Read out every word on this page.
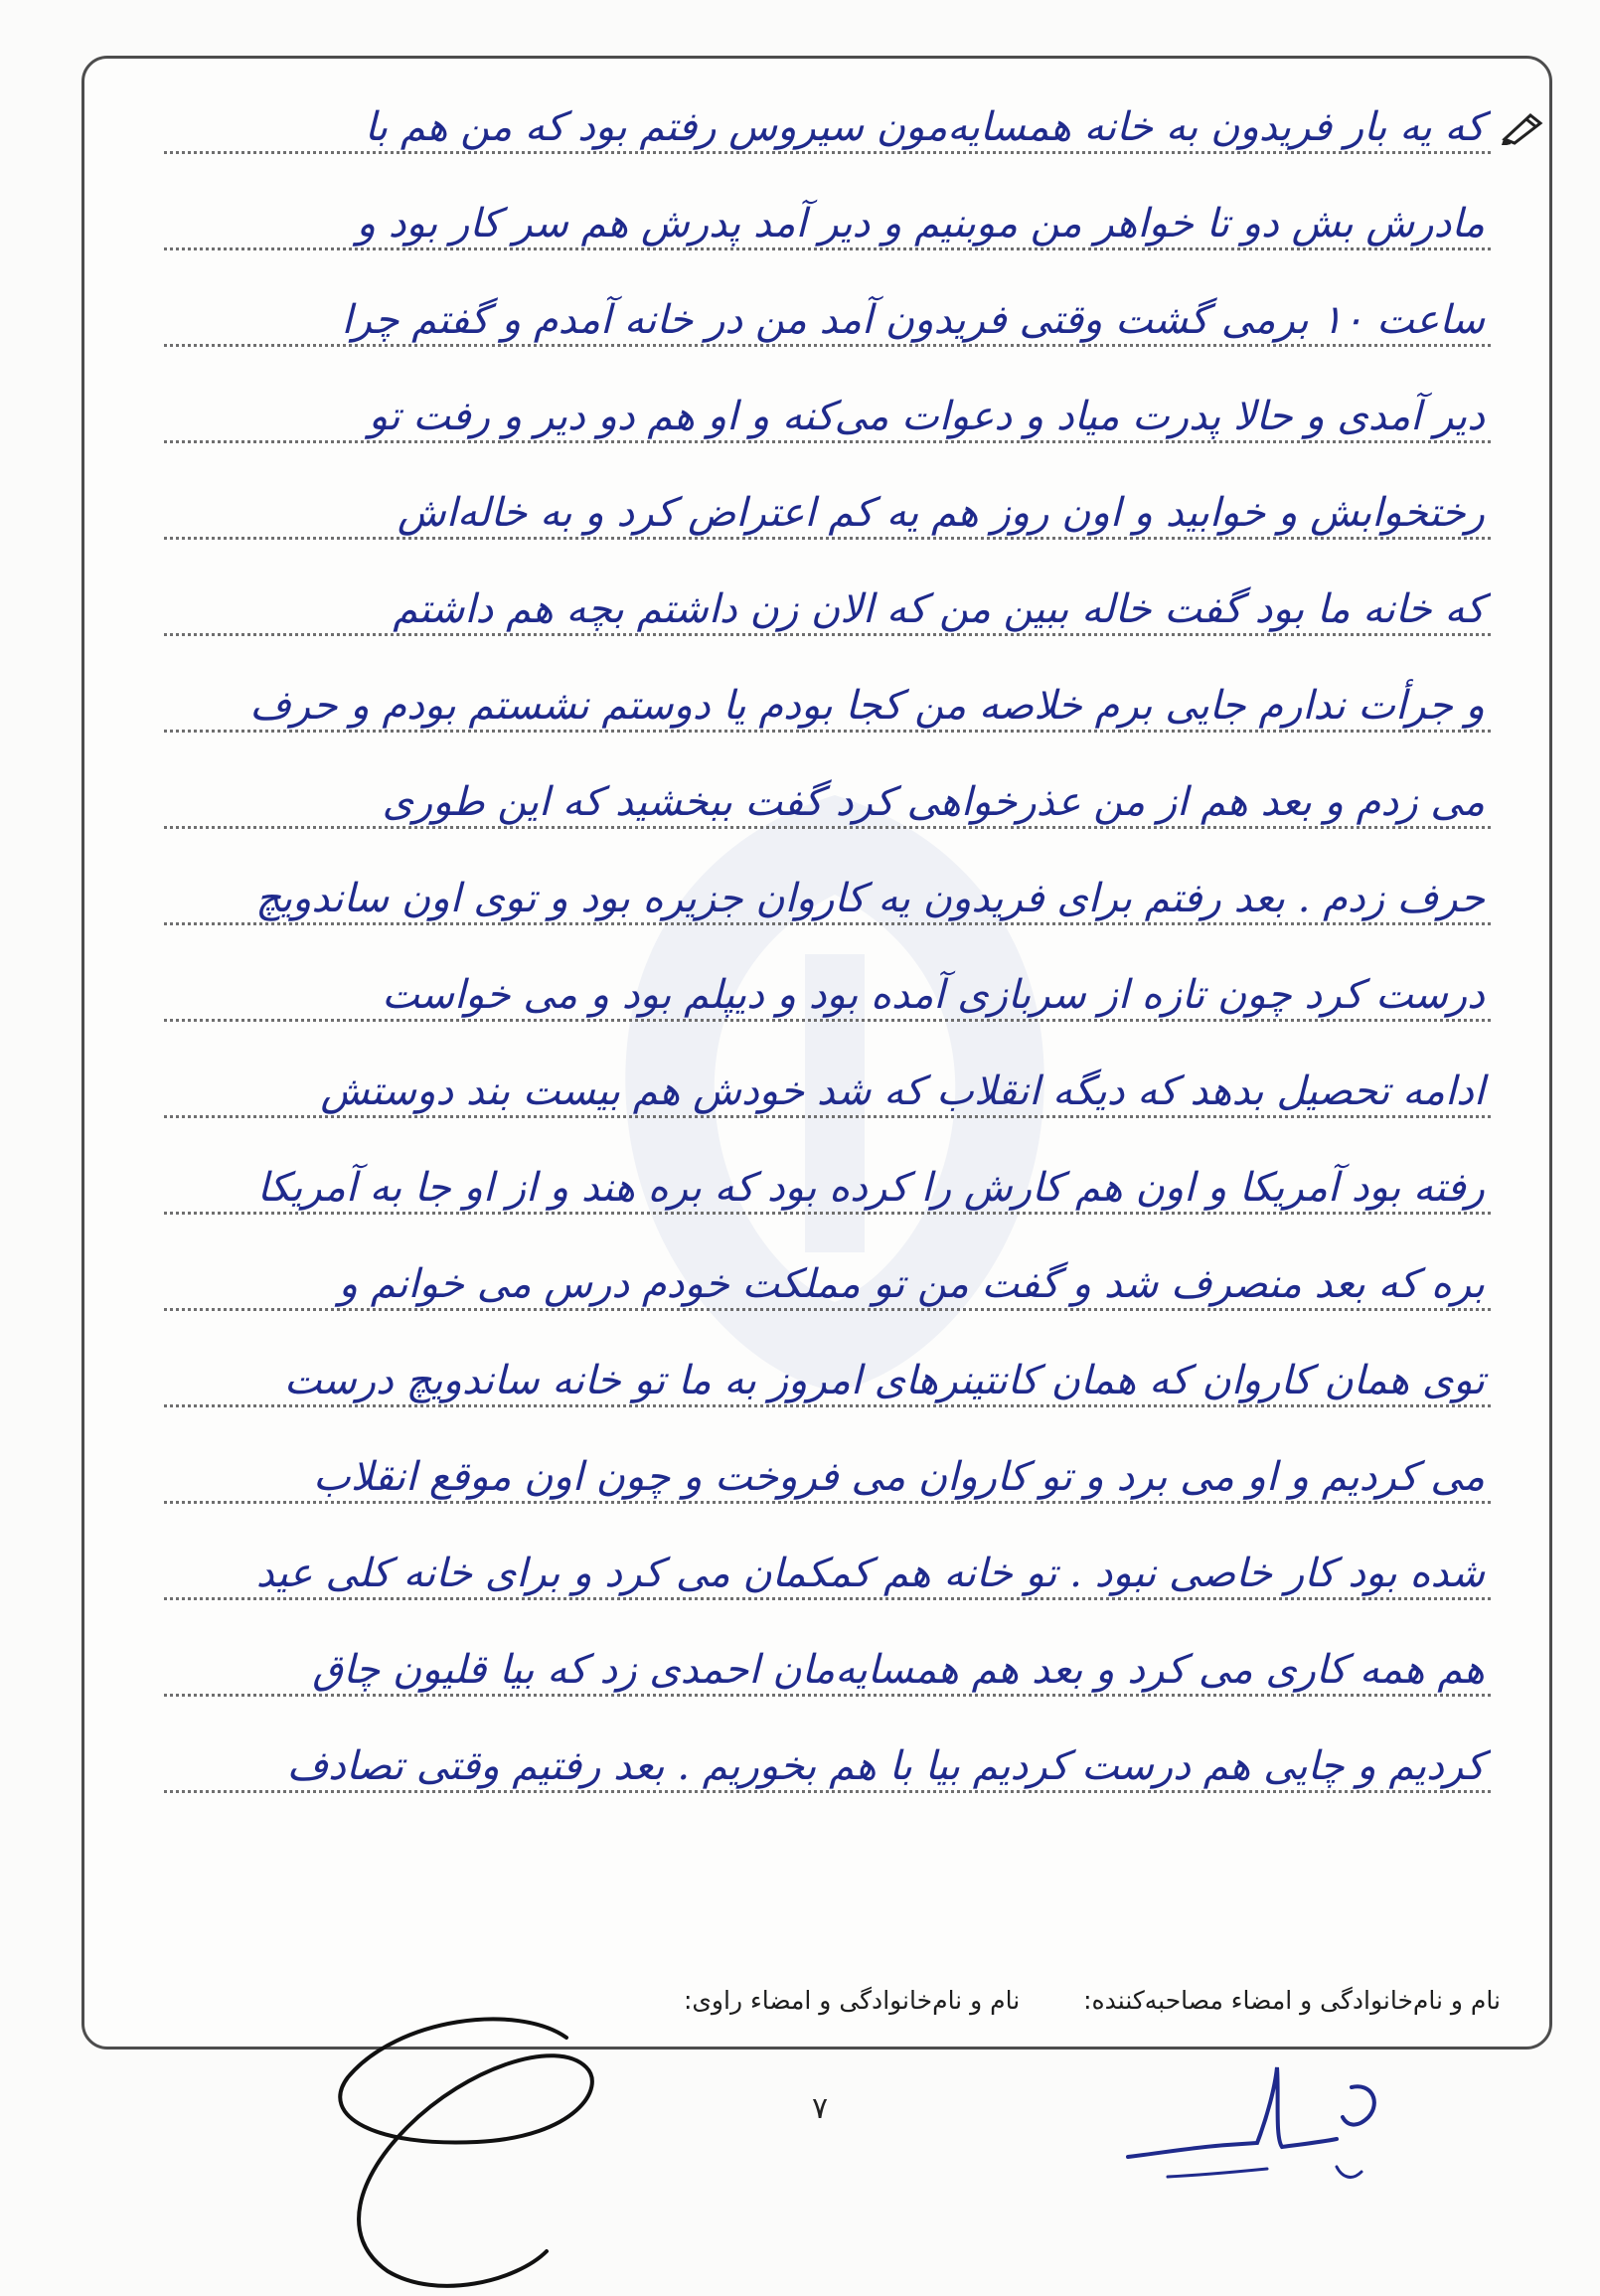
که یه بار فریدون به خانه همسایه‌مون سیروس رفتم بود که من هم با
مادرش بش دو تا خواهر من موبنیم و دیر آمد پدرش هم سر کار بود و
ساعت ۱۰ برمی گشت وقتی فریدون آمد من در خانه آمدم و گفتم چرا
دیر آمدی و حالا پدرت میاد و دعوات می‌کنه و او هم دو دیر و رفت تو
رختخوابش و خوابید و اون روز هم یه کم اعتراض کرد و به خاله‌اش
که خانه ما بود گفت خاله ببین من که الان زن داشتم بچه هم داشتم
و جرأت ندارم جایی برم خلاصه من کجا بودم یا دوستم نشستم بودم و حرف
می زدم و بعد هم از من عذرخواهی کرد گفت ببخشید که این طوری
حرف زدم . بعد رفتم برای فریدون یه کاروان جزیره بود و توی اون ساندویچ
درست کرد چون تازه از سربازی آمده بود و دیپلم بود و می خواست
ادامه تحصیل بدهد که دیگه انقلاب که شد خودش هم بیست بند دوستش
رفته بود آمریکا و اون هم کارش را کرده بود که بره هند و از او جا به آمریکا
بره که بعد منصرف شد و گفت من تو مملکت خودم درس می خوانم و
توی همان کاروان که همان کانتینرهای امروز به ما تو خانه ساندویچ درست
می کردیم و او می برد و تو کاروان می فروخت و چون اون موقع انقلاب
شده بود کار خاصی نبود . تو خانه هم کمکمان می کرد و برای خانه کلی عید
هم همه کاری می کرد و بعد هم همسایه‌مان احمدی زد که بیا قلیون چاق
کردیم و چایی هم درست کردیم بیا با هم بخوریم . بعد رفتیم وقتی تصادف
نام و نام‌خانوادگی و امضاء مصاحبه‌کننده: نام و نام‌خانوادگی و امضاء راوی:
۷
